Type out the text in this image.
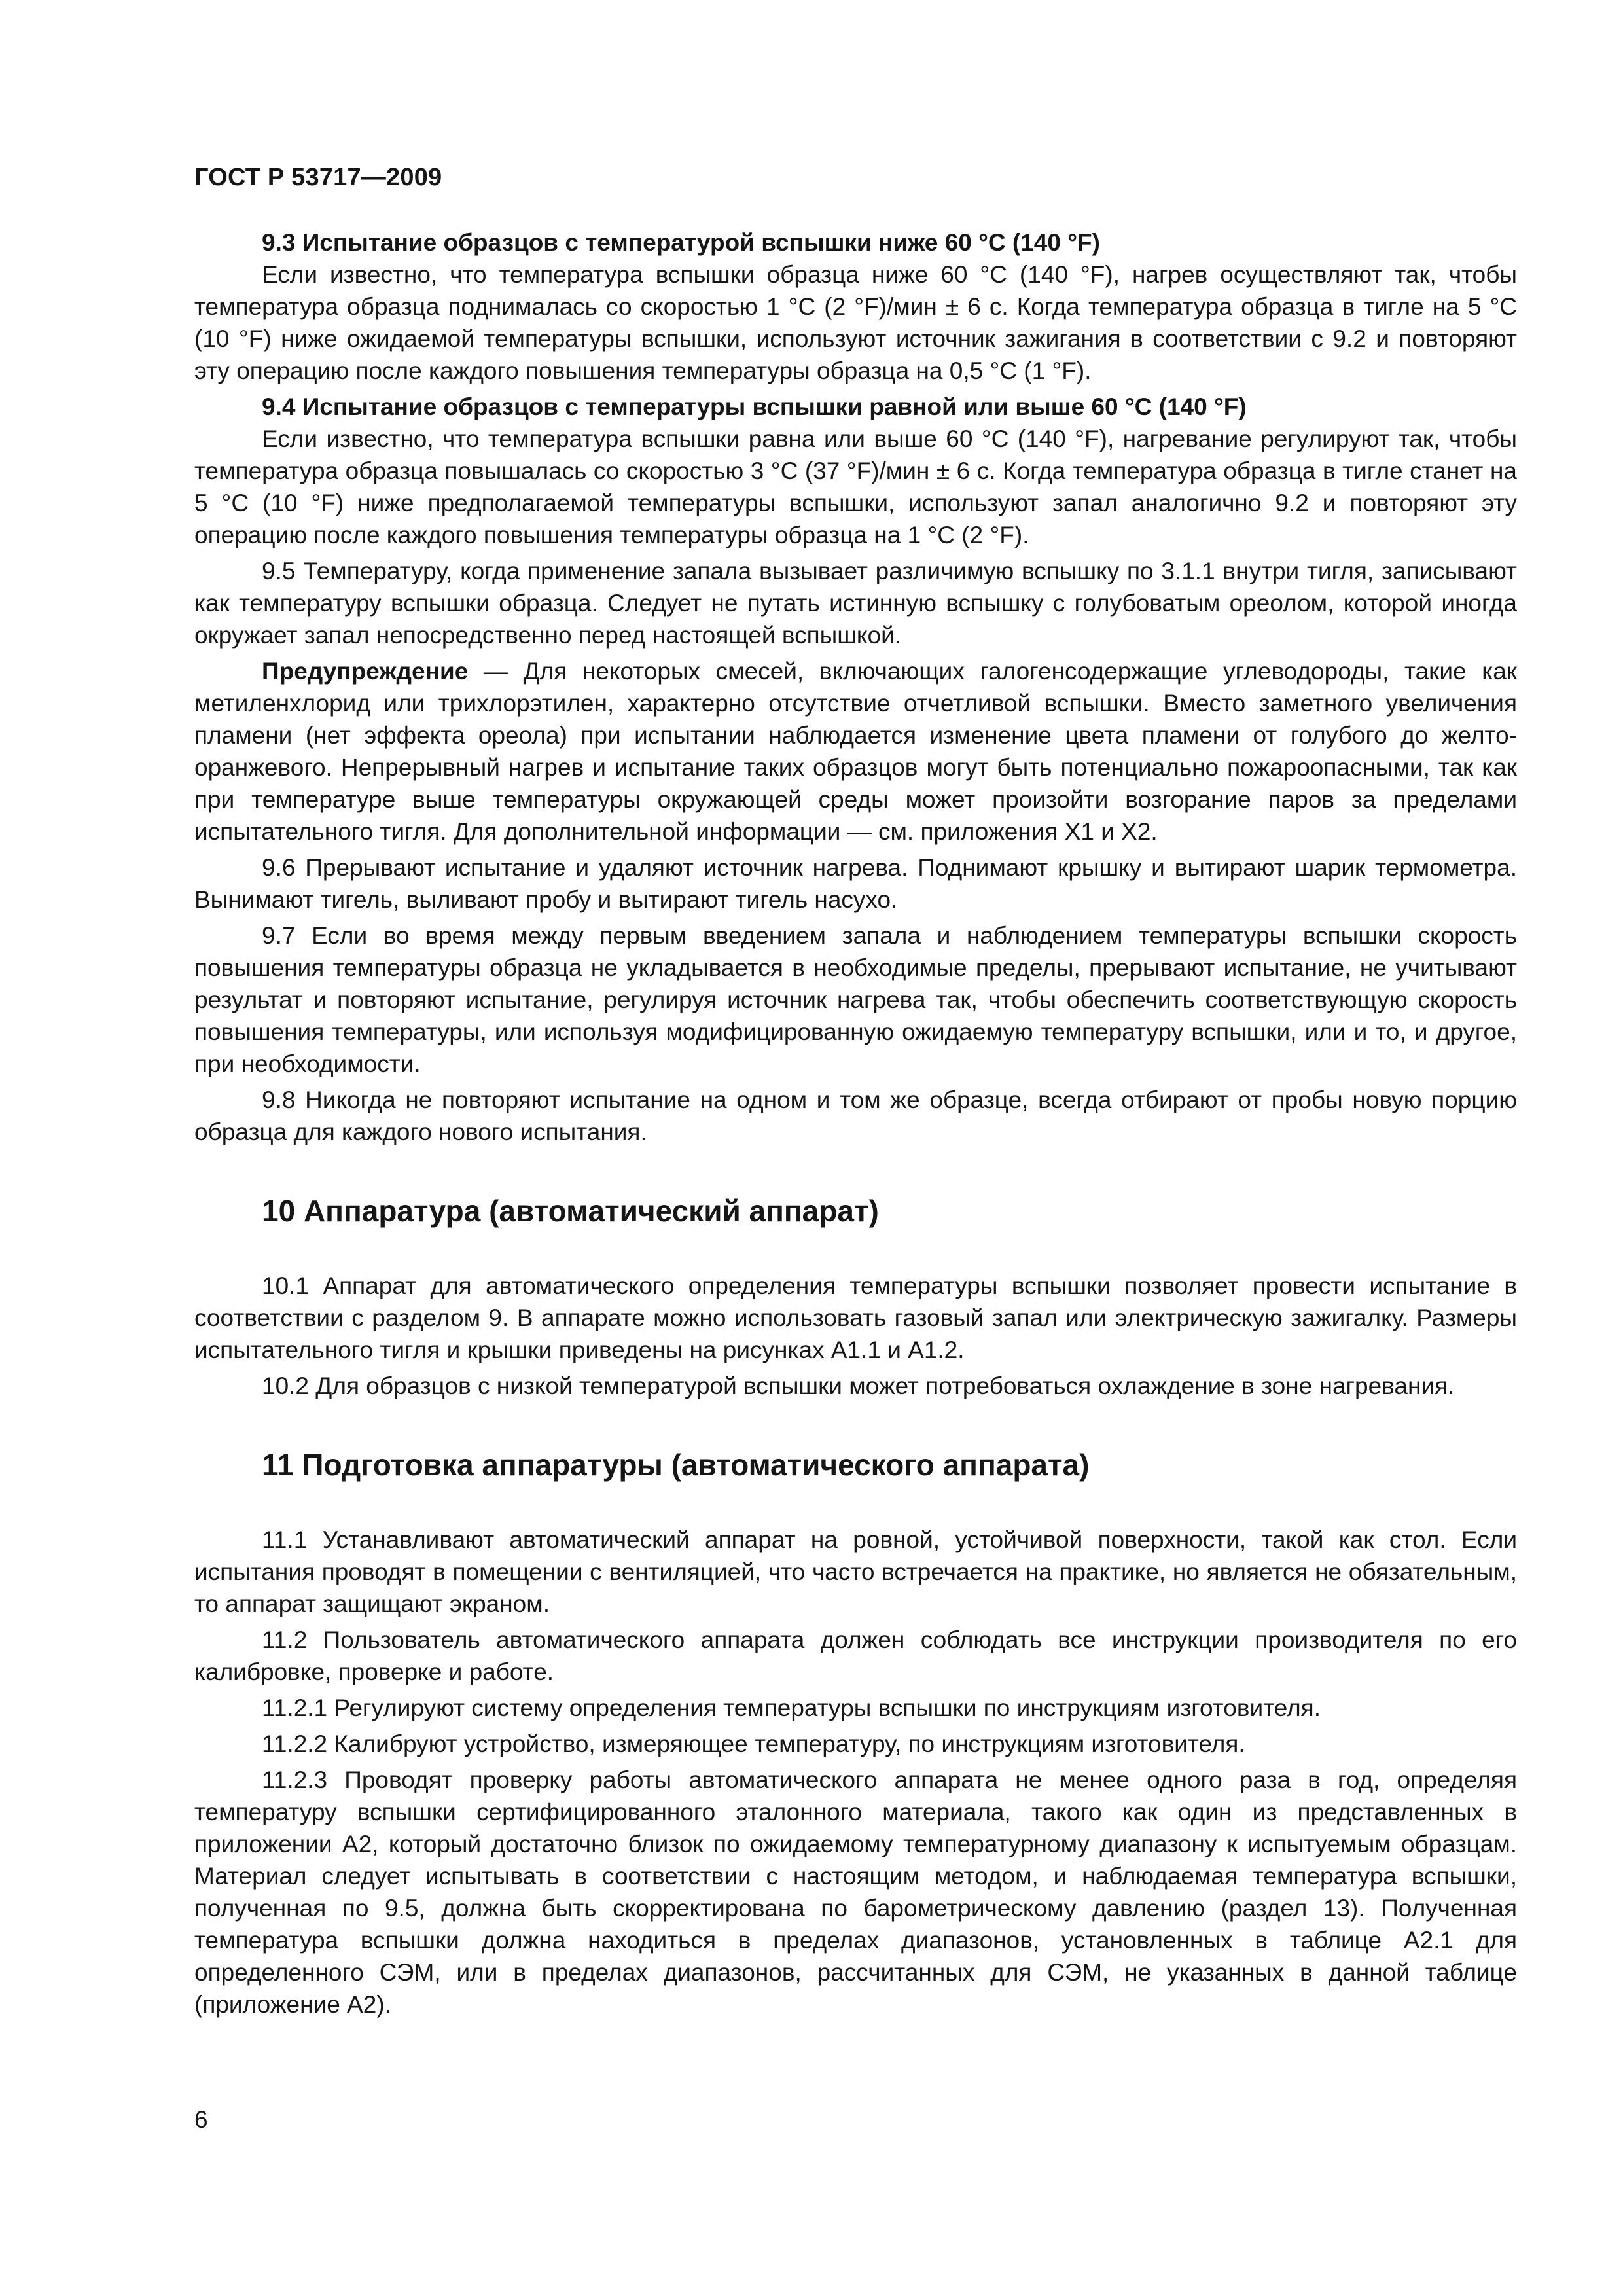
ГОСТ Р 53717—2009

9.3 Испытание образцов с температурой вспышки ниже 60 °С (140 °F)

Если известно, что температура вспышки образца ниже 60 °С (140 °F), нагрев осуществляют так, чтобы температура образца поднималась со скоростью 1 °С (2 °F)/мин ± 6 с. Когда температура образца в тигле на 5 °С (10 °F) ниже ожидаемой температуры вспышки, используют источник зажигания в соответствии с 9.2 и повторяют эту операцию после каждого повышения температуры образца на 0,5 °С (1 °F).

9.4 Испытание образцов с температуры вспышки равной или выше 60 °С (140 °F)

Если известно, что температура вспышки равна или выше 60 °С (140 °F), нагревание регулируют так, чтобы температура образца повышалась со скоростью 3 °С (37 °F)/мин ± 6 с. Когда температура образца в тигле станет на 5 °С (10 °F) ниже предполагаемой температуры вспышки, используют запал аналогично 9.2 и повторяют эту операцию после каждого повышения температуры образца на 1 °С (2 °F).

9.5 Температуру, когда применение запала вызывает различимую вспышку по 3.1.1 внутри тигля, записывают как температуру вспышки образца. Следует не путать истинную вспышку с голубоватым ореолом, которой иногда окружает запал непосредственно перед настоящей вспышкой.

Предупреждение — Для некоторых смесей, включающих галогенсодержащие углеводороды, такие как метиленхлорид или трихлорэтилен, характерно отсутствие отчетливой вспышки. Вместо заметного увеличения пламени (нет эффекта ореола) при испытании наблюдается изменение цвета пламени от голубого до желто-оранжевого. Непрерывный нагрев и испытание таких образцов могут быть потенциально пожароопасными, так как при температуре выше температуры окружающей среды может произойти возгорание паров за пределами испытательного тигля. Для дополнительной информации — см. приложения Х1 и Х2.

9.6 Прерывают испытание и удаляют источник нагрева. Поднимают крышку и вытирают шарик термометра. Вынимают тигель, выливают пробу и вытирают тигель насухо.

9.7 Если во время между первым введением запала и наблюдением температуры вспышки скорость повышения температуры образца не укладывается в необходимые пределы, прерывают испытание, не учитывают результат и повторяют испытание, регулируя источник нагрева так, чтобы обеспечить соответствующую скорость повышения температуры, или используя модифицированную ожидаемую температуру вспышки, или и то, и другое, при необходимости.

9.8 Никогда не повторяют испытание на одном и том же образце, всегда отбирают от пробы новую порцию образца для каждого нового испытания.

10 Аппаратура (автоматический аппарат)

10.1 Аппарат для автоматического определения температуры вспышки позволяет провести испытание в соответствии с разделом 9. В аппарате можно использовать газовый запал или электрическую зажигалку. Размеры испытательного тигля и крышки приведены на рисунках А1.1 и А1.2.

10.2 Для образцов с низкой температурой вспышки может потребоваться охлаждение в зоне нагревания.

11 Подготовка аппаратуры (автоматического аппарата)

11.1 Устанавливают автоматический аппарат на ровной, устойчивой поверхности, такой как стол. Если испытания проводят в помещении с вентиляцией, что часто встречается на практике, но является не обязательным, то аппарат защищают экраном.

11.2 Пользователь автоматического аппарата должен соблюдать все инструкции производителя по его калибровке, проверке и работе.

11.2.1 Регулируют систему определения температуры вспышки по инструкциям изготовителя.

11.2.2 Калибруют устройство, измеряющее температуру, по инструкциям изготовителя.

11.2.3 Проводят проверку работы автоматического аппарата не менее одного раза в год, определяя температуру вспышки сертифицированного эталонного материала, такого как один из представленных в приложении А2, который достаточно близок по ожидаемому температурному диапазону к испытуемым образцам. Материал следует испытывать в соответствии с настоящим методом, и наблюдаемая температура вспышки, полученная по 9.5, должна быть скорректирована по барометрическому давлению (раздел 13). Полученная температура вспышки должна находиться в пределах диапазонов, установленных в таблице А2.1 для определенного СЭМ, или в пределах диапазонов, рассчитанных для СЭМ, не указанных в данной таблице (приложение А2).

6
